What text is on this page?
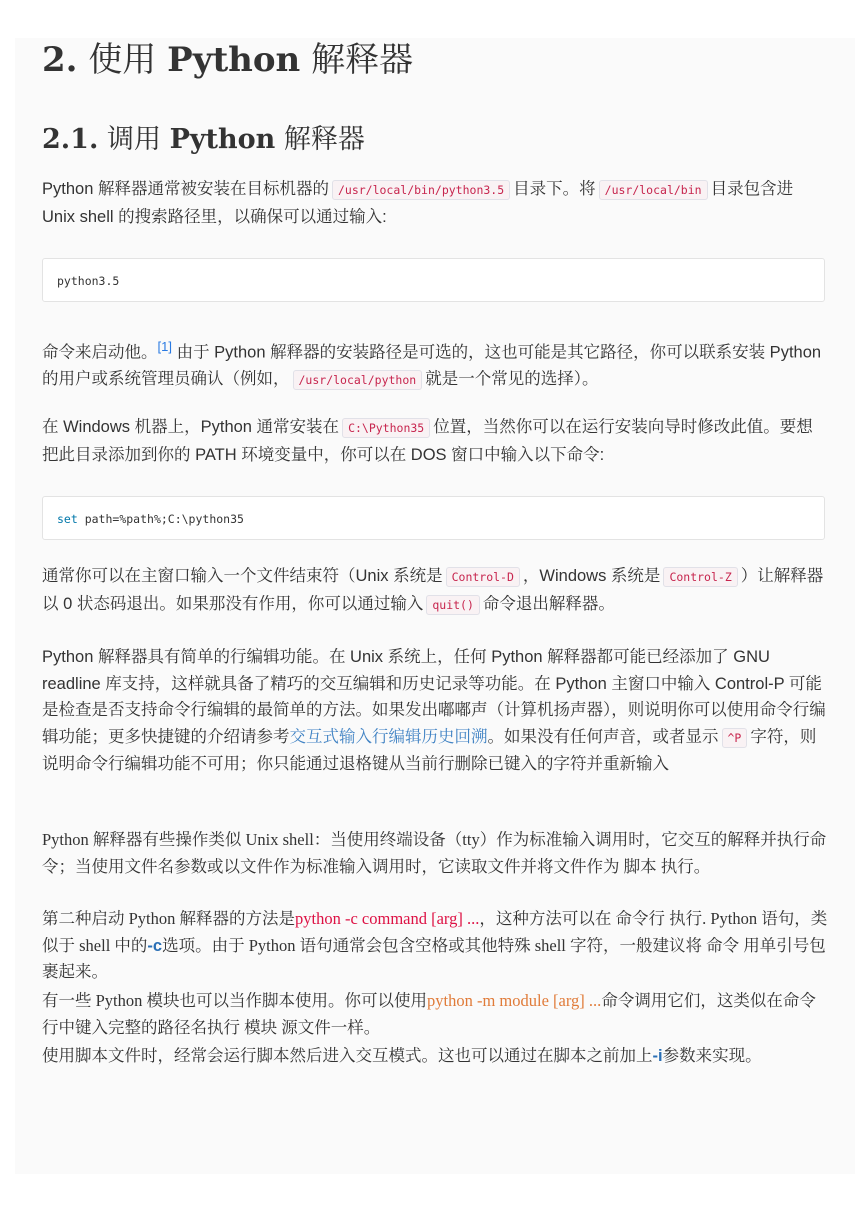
2. 使用 Python 解释器
2.1. 调用 Python 解释器

Python 解释器通常被安装在目标机器的 /usr/local/bin/python3.5 目录下。将 /usr/local/bin 目录包含进 Unix shell 的搜索路径里，以确保可以通过输入:

python3.5

命令来启动他。[1] 由于 Python 解释器的安装路径是可选的，这也可能是其它路径，你可以联系安装 Python 的用户或系统管理员确认（例如， /usr/local/python 就是一个常见的选择）。

在 Windows 机器上，Python 通常安装在 C:\Python35 位置，当然你可以在运行安装向导时修改此值。要想把此目录添加到你的 PATH 环境变量中，你可以在 DOS 窗口中输入以下命令:

set path=%path%;C:\python35

通常你可以在主窗口输入一个文件结束符（Unix 系统是 Control-D ，Windows 系统是 Control-Z ）让解释器以 0 状态码退出。如果那没有作用，你可以通过输入 quit() 命令退出解释器。

Python 解释器具有简单的行编辑功能。在 Unix 系统上，任何 Python 解释器都可能已经添加了 GNU readline 库支持，这样就具备了精巧的交互编辑和历史记录等功能。在 Python 主窗口中输入 Control-P 可能是检查是否支持命令行编辑的最简单的方法。如果发出嘟嘟声（计算机扬声器），则说明你可以使用命令行编辑功能；更多快捷键的介绍请参考交互式输入行编辑历史回溯。如果没有任何声音，或者显示 ^P 字符，则说明命令行编辑功能不可用；你只能通过退格键从当前行删除已键入的字符并重新输入

Python 解释器有些操作类似 Unix shell：当使用终端设备（tty）作为标准输入调用时，它交互的解释并执行命令；当使用文件名参数或以文件作为标准输入调用时，它读取文件并将文件作为 脚本 执行。

第二种启动 Python 解释器的方法是python -c command [arg] ...，这种方法可以在 命令行 执行. Python 语句，类似于 shell 中的-c选项。由于 Python 语句通常会包含空格或其他特殊 shell 字符，一般建议将 命令 用单引号包裹起来。

有一些 Python 模块也可以当作脚本使用。你可以使用python -m module [arg] ...命令调用它们，这类似在命令行中键入完整的路径名执行 模块 源文件一样。

使用脚本文件时，经常会运行脚本然后进入交互模式。这也可以通过在脚本之前加上-i参数来实现。
